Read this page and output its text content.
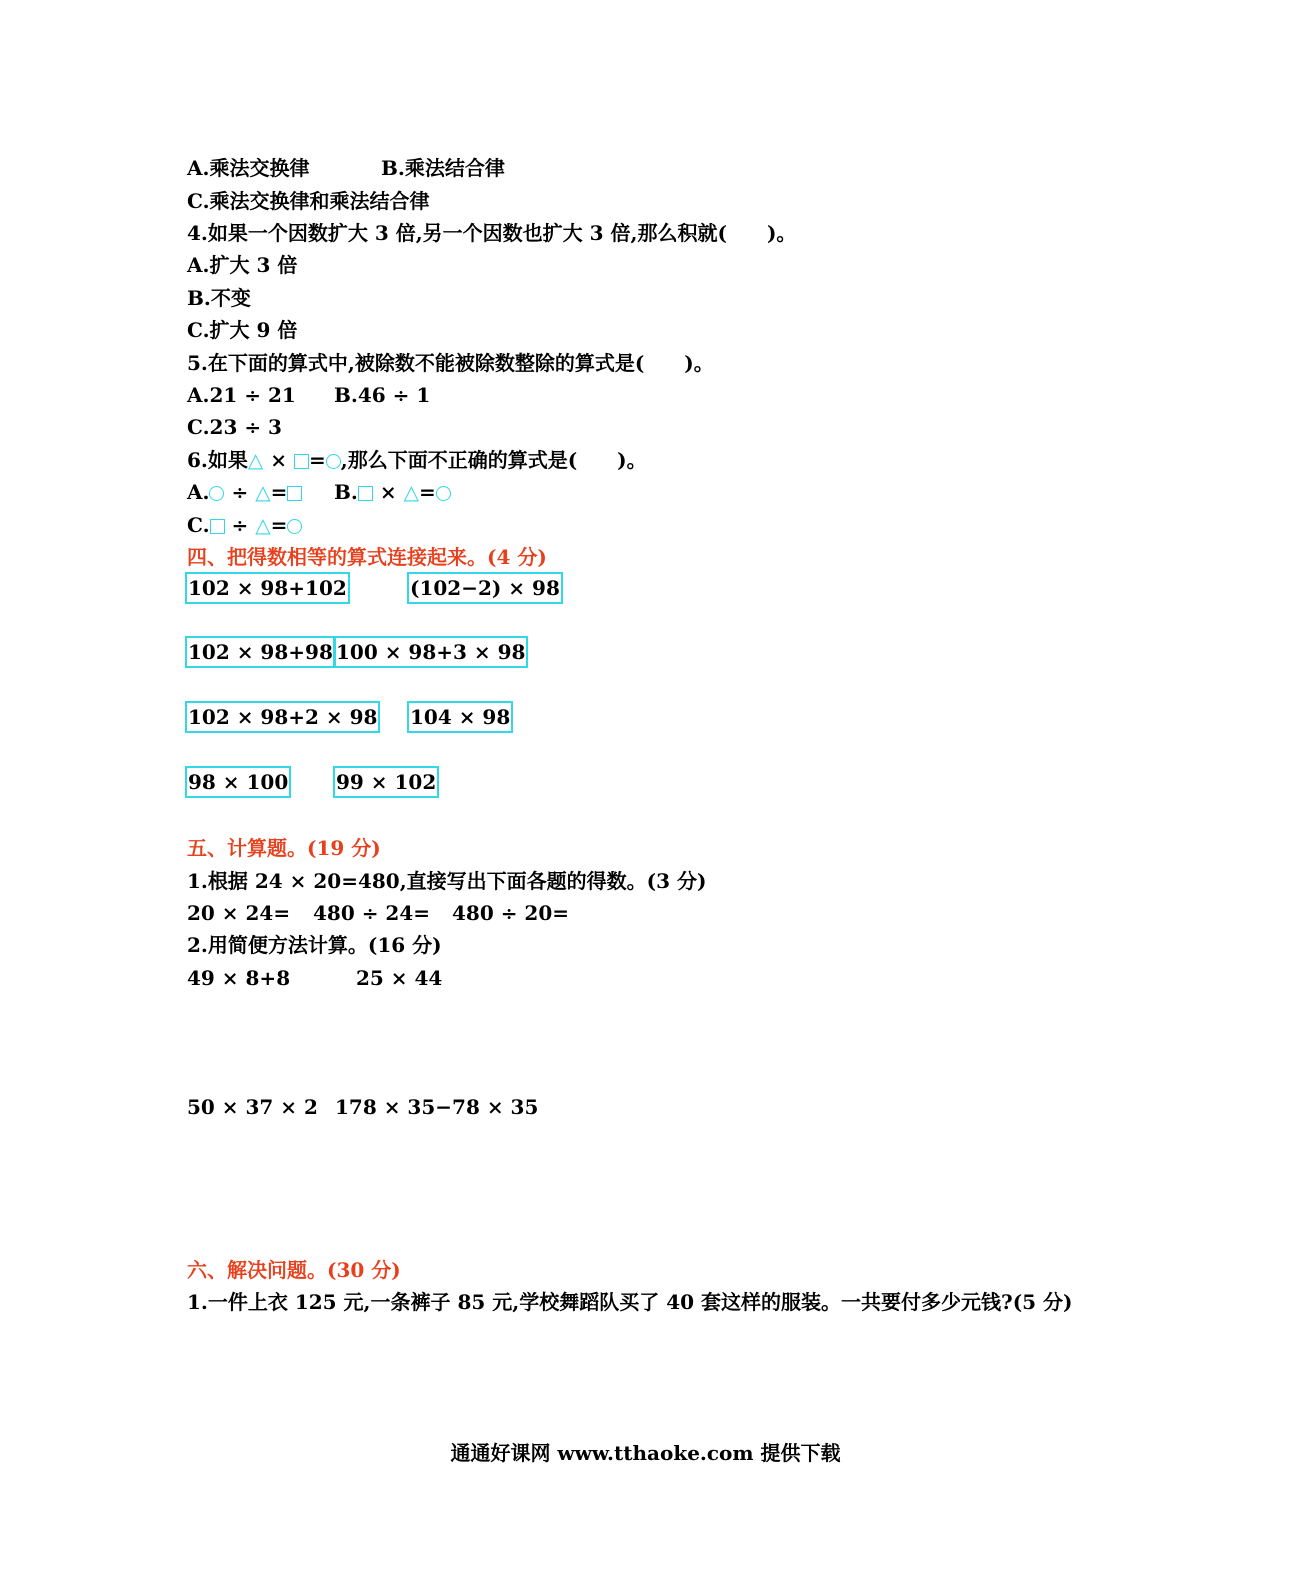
A.乘法交换律	B.乘法结合律
C.乘法交换律和乘法结合律
4.如果一个因数扩大 3 倍,另一个因数也扩大 3 倍,那么积就(　　)。
A.扩大 3 倍
B.不变
C.扩大 9 倍
5.在下面的算式中,被除数不能被除数整除的算式是(　　)。
A.21 ÷ 21 B.46 ÷ 1
C.23 ÷ 3
6.如果△ × = ,那么下面不正确的算式是(　　)。
A. ÷ △=	B. × △=
C. ÷ △=
四、把得数相等的算式连接起来。(4 分)
102 × 98+102	(102−2) × 98
102 × 98+98 100 × 98+3 × 98
102 × 98+2 × 98 104 × 98
98 × 100 99 × 102
五、计算题。(19 分)
1.根据 24 × 20=480,直接写出下面各题的得数。(3 分)
20 × 24= 480 ÷ 24= 480 ÷ 20=
2.用简便方法计算。(16 分)
49 × 8+8	25 × 44
50 × 37 × 2 178 × 35−78 × 35
六、解决问题。(30 分)
1.一件上衣 125 元,一条裤子 85 元,学校舞蹈队买了 40 套这样的服装。一共要付多少元钱?(5 分)
通通好课网 www.tthaoke.com 提供下载
